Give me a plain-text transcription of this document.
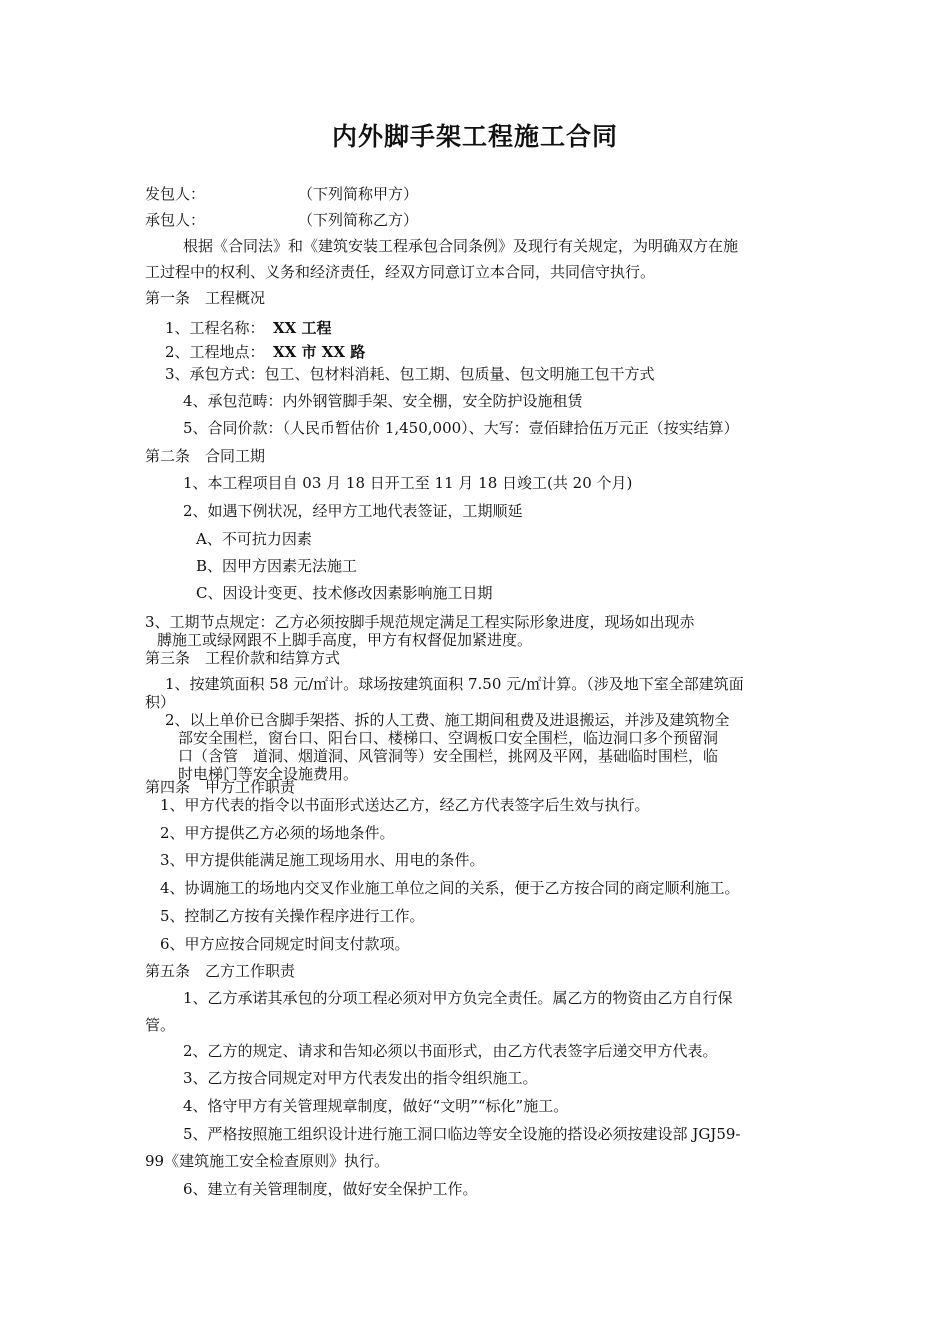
内外脚手架工程施工合同
发包人：	（下列简称甲方）
承包人：	（下列简称乙方）
根据《合同法》和《建筑安装工程承包合同条例》及现行有关规定，为明确双方在施
工过程中的权利、义务和经济责任，经双方同意订立本合同，共同信守执行。
第一条　工程概况
1、工程名称： XX 工程
2、工程地点： XX 市 XX 路
3、承包方式：包工、包材料消耗、包工期、包质量、包文明施工包干方式
4、承包范畴：内外钢管脚手架、安全棚，安全防护设施租赁
5、合同价款：（人民币暂估价 1,450,000）、大写：壹佰肆拾伍万元正（按实结算）
第二条　合同工期
1、本工程项目自 03 月 18 日开工至 11 月 18 日竣工(共 20 个月)
2、如遇下例状况，经甲方工地代表签证，工期顺延
A、不可抗力因素
B、因甲方因素无法施工
C、因设计变更、技术修改因素影响施工日期
3、工期节点规定：乙方必须按脚手规范规定满足工程实际形象进度，现场如出现赤
膊施工或绿网跟不上脚手高度，甲方有权督促加紧进度。
第三条　工程价款和结算方式
1、按建筑面积 58 元/㎡计。球场按建筑面积 7.50 元/㎡计算。（涉及地下室全部建筑面
积）
2、以上单价已含脚手架搭、拆的人工费、施工期间租费及进退搬运，并涉及建筑物全
部安全围栏，窗台口、阳台口、楼梯口、空调板口安全围栏，临边洞口多个预留洞
口（含管　道洞、烟道洞、风管洞等）安全围栏，挑网及平网，基础临时围栏，临
时电梯门等安全设施费用。
第四条　甲方工作职责
1、甲方代表的指令以书面形式送达乙方，经乙方代表签字后生效与执行。
2、甲方提供乙方必须的场地条件。
3、甲方提供能满足施工现场用水、用电的条件。
4、协调施工的场地内交叉作业施工单位之间的关系，便于乙方按合同的商定顺利施工。
5、控制乙方按有关操作程序进行工作。
6、甲方应按合同规定时间支付款项。
第五条　乙方工作职责
1、乙方承诺其承包的分项工程必须对甲方负完全责任。属乙方的物资由乙方自行保
管。
2、乙方的规定、请求和告知必须以书面形式，由乙方代表签字后递交甲方代表。
3、乙方按合同规定对甲方代表发出的指令组织施工。
4、恪守甲方有关管理规章制度，做好“文明”“标化”施工。
5、严格按照施工组织设计进行施工洞口临边等安全设施的搭设必须按建设部 JGJ59-
99《建筑施工安全检查原则》执行。
6、建立有关管理制度，做好安全保护工作。
